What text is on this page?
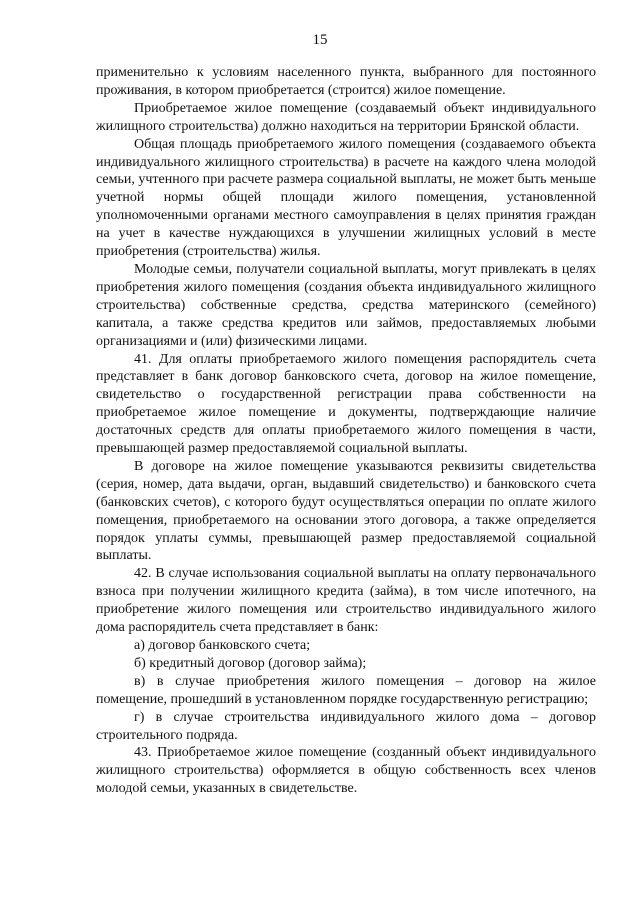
15

применительно к условиям населенного пункта, выбранного для постоянного проживания, в котором приобретается (строится) жилое помещение.

Приобретаемое жилое помещение (создаваемый объект индивидуального жилищного строительства) должно находиться на территории Брянской области.

Общая площадь приобретаемого жилого помещения (создаваемого объекта индивидуального жилищного строительства) в расчете на каждого члена молодой семьи, учтенного при расчете размера социальной выплаты, не может быть меньше учетной нормы общей площади жилого помещения, установленной уполномоченными органами местного самоуправления в целях принятия граждан на учет в качестве нуждающихся в улучшении жилищных условий в месте приобретения (строительства) жилья.

Молодые семьи, получатели социальной выплаты, могут привлекать в целях приобретения жилого помещения (создания объекта индивидуального жилищного строительства) собственные средства, средства материнского (семейного) капитала, а также средства кредитов или займов, предоставляемых любыми организациями и (или) физическими лицами.

41. Для оплаты приобретаемого жилого помещения распорядитель счета представляет в банк договор банковского счета, договор на жилое помещение, свидетельство о государственной регистрации права собственности на приобретаемое жилое помещение и документы, подтверждающие наличие достаточных средств для оплаты приобретаемого жилого помещения в части, превышающей размер предоставляемой социальной выплаты.

В договоре на жилое помещение указываются реквизиты свидетельства (серия, номер, дата выдачи, орган, выдавший свидетельство) и банковского счета (банковских счетов), с которого будут осуществляться операции по оплате жилого помещения, приобретаемого на основании этого договора, а также определяется порядок уплаты суммы, превышающей размер предоставляемой социальной выплаты.

42. В случае использования социальной выплаты на оплату первоначального взноса при получении жилищного кредита (займа), в том числе ипотечного, на приобретение жилого помещения или строительство индивидуального жилого дома распорядитель счета представляет в банк:

а) договор банковского счета;

б) кредитный договор (договор займа);

в) в случае приобретения жилого помещения – договор на жилое помещение, прошедший в установленном порядке государственную регистрацию;

г) в случае строительства индивидуального жилого дома – договор строительного подряда.

43. Приобретаемое жилое помещение (созданный объект индивидуального жилищного строительства) оформляется в общую собственность всех членов молодой семьи, указанных в свидетельстве.
